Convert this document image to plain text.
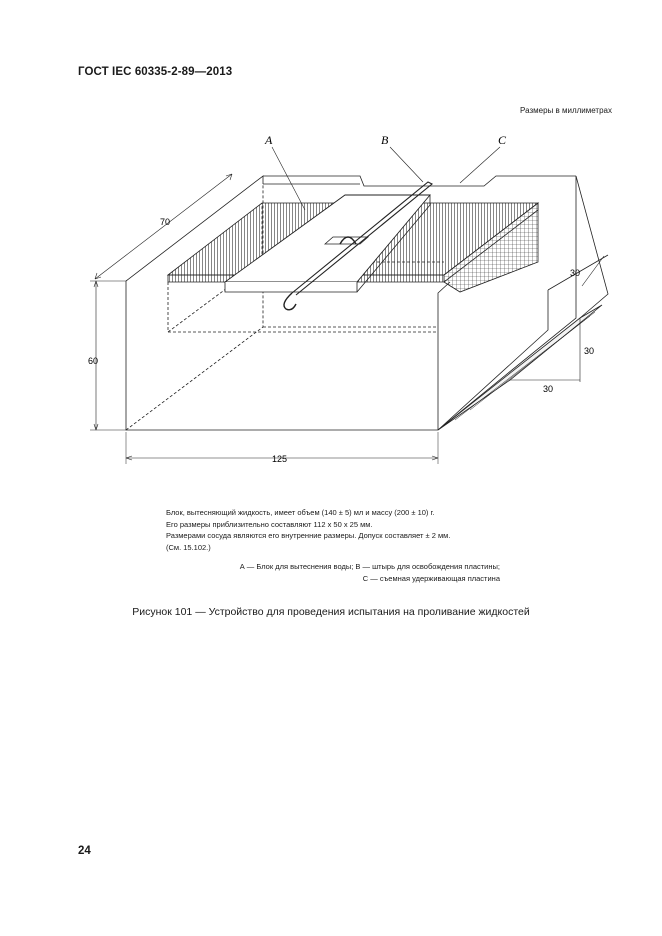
ГОСТ IEC 60335-2-89—2013
Размеры в миллиметрах
A	B	C
70
60
125
30
30
30
Блок, вытесняющий жидкость, имеет объем (140 ± 5) мл и массу (200 ± 10) г.
Его размеры приблизительно составляют 112 х 50 х 25 мм.
Размерами сосуда являются его внутренние размеры. Допуск составляет ± 2 мм.
(См. 15.102.)
А — Блок для вытеснения воды; В — штырь для освобождения пластины;
С — съемная удерживающая пластина
Рисунок 101 — Устройство для проведения испытания на проливание жидкостей
24
